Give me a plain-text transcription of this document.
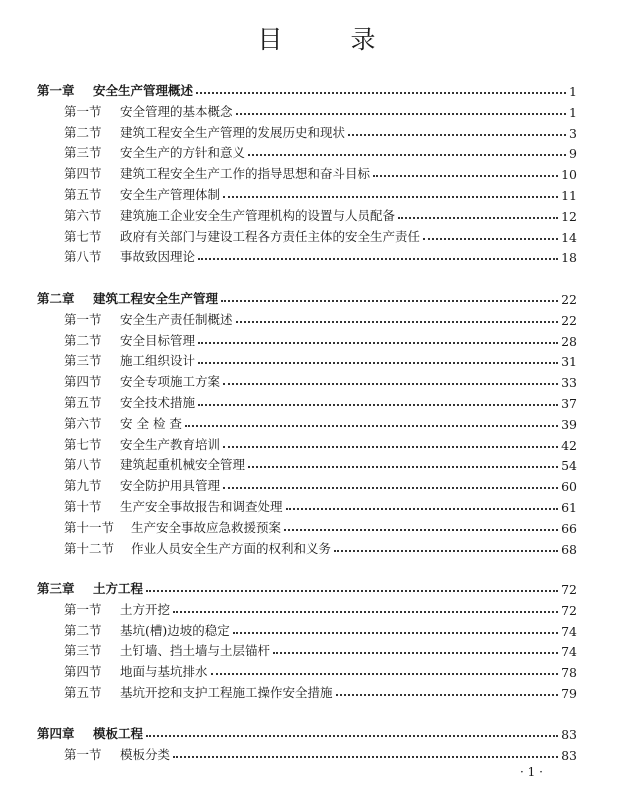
目 录
第一章	安全生产管理概述	1
第一节	安全管理的基本概念	1
第二节	建筑工程安全生产管理的发展历史和现状	3
第三节	安全生产的方针和意义	9
第四节	建筑工程安全生产工作的指导思想和奋斗目标	10
第五节	安全生产管理体制	11
第六节	建筑施工企业安全生产管理机构的设置与人员配备	12
第七节	政府有关部门与建设工程各方责任主体的安全生产责任	14
第八节	事故致因理论	18
第二章	建筑工程安全生产管理	22
第一节	安全生产责任制概述	22
第二节	安全目标管理	28
第三节	施工组织设计	31
第四节	安全专项施工方案	33
第五节	安全技术措施	37
第六节	安 全 检 查	39
第七节	安全生产教育培训	42
第八节	建筑起重机械安全管理	54
第九节	安全防护用具管理	60
第十节	生产安全事故报告和调查处理	61
第十一节	生产安全事故应急救援预案	66
第十二节	作业人员安全生产方面的权利和义务	68
第三章	土方工程	72
第一节	土方开挖	72
第二节	基坑(槽)边坡的稳定	74
第三节	土钉墙、挡土墙与土层锚杆	74
第四节	地面与基坑排水	78
第五节	基坑开挖和支护工程施工操作安全措施	79
第四章	模板工程	83
第一节	模板分类	83
· 1 ·
